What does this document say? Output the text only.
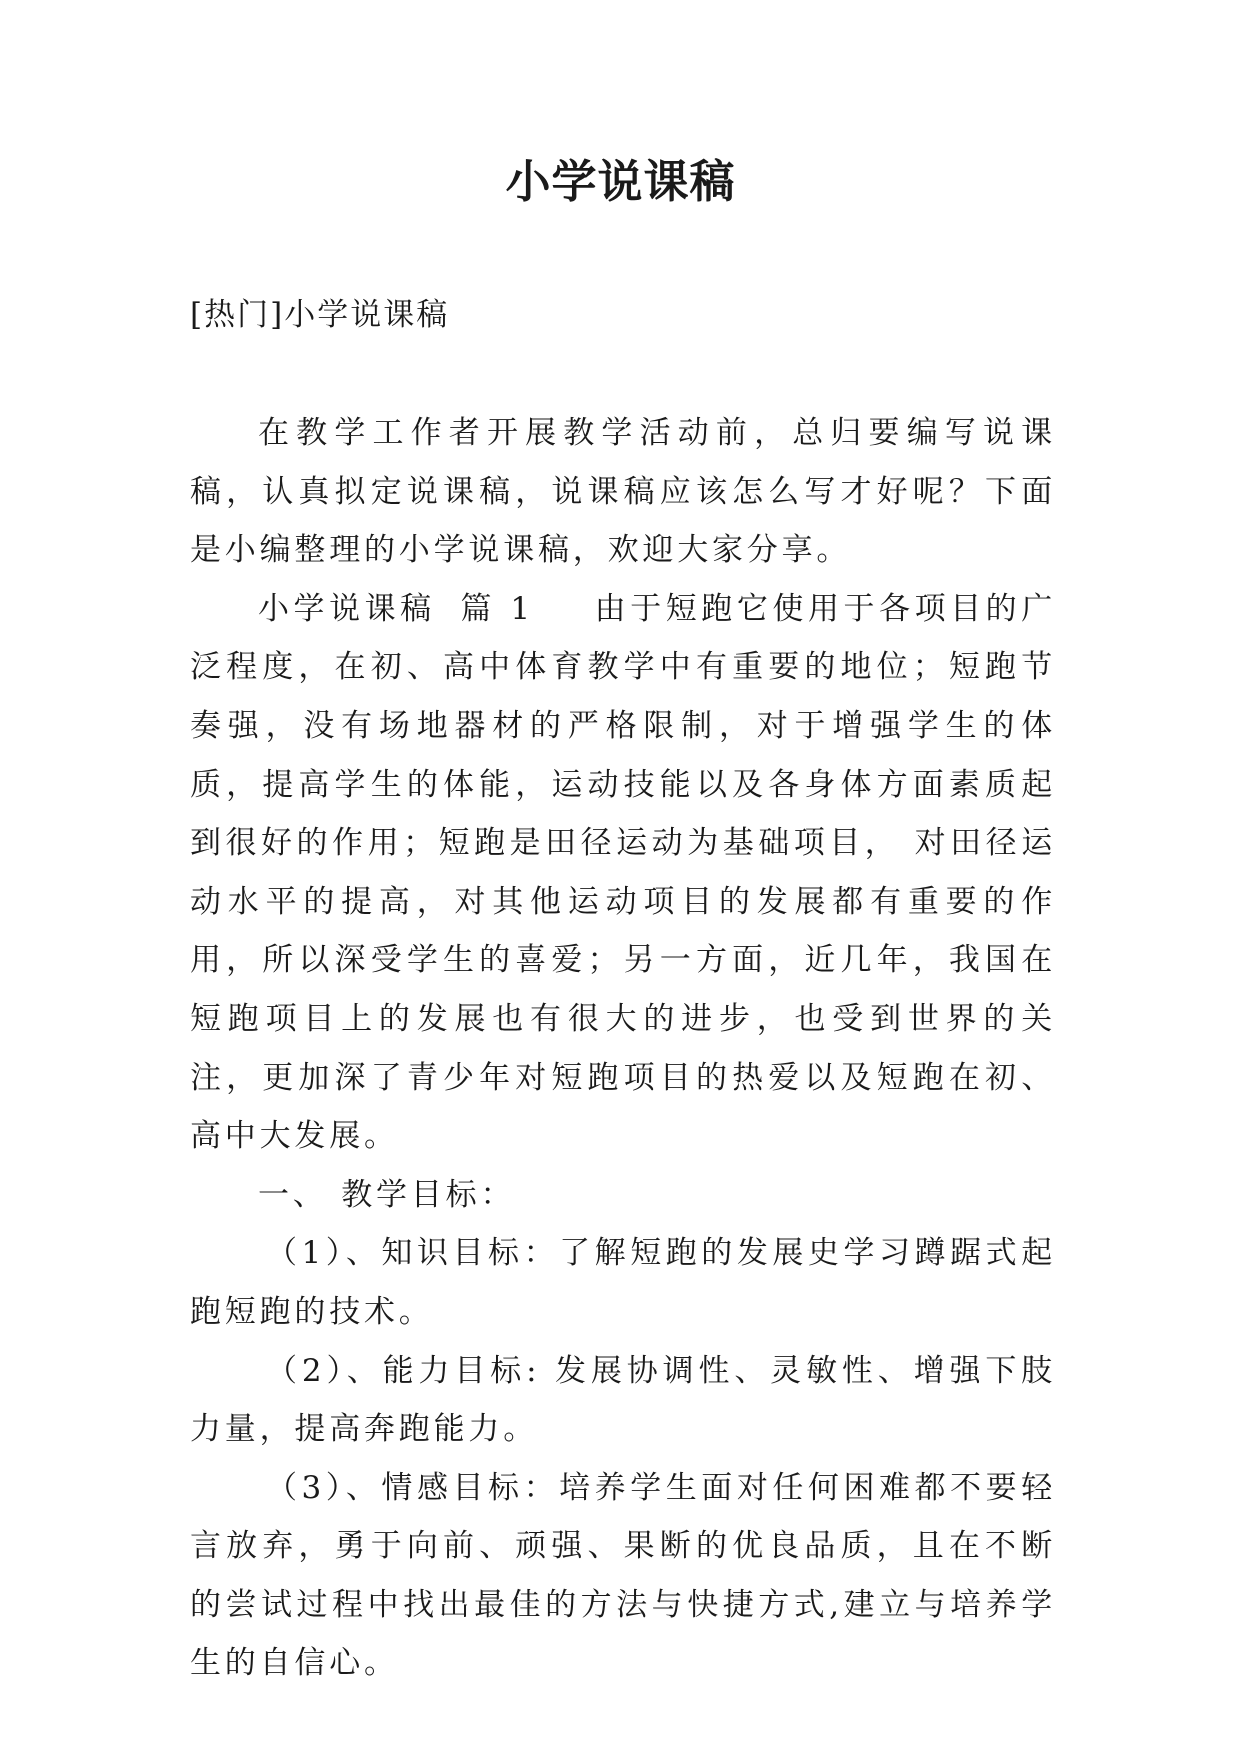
小学说课稿

[热门]小学说课稿

在教学工作者开展教学活动前，总归要编写说课稿，认真拟定说课稿，说课稿应该怎么写才好呢？下面是小编整理的小学说课稿，欢迎大家分享。

小学说课稿 篇 1 由于短跑它使用于各项目的广泛程度，在初、高中体育教学中有重要的地位；短跑节奏强，没有场地器材的严格限制，对于增强学生的体质，提高学生的体能，运动技能以及各身体方面素质起到很好的作用；短跑是田径运动为基础项目， 对田径运动水平的提高，对其他运动项目的发展都有重要的作用，所以深受学生的喜爱；另一方面，近几年，我国在短跑项目上的发展也有很大的进步，也受到世界的关注，更加深了青少年对短跑项目的热爱以及短跑在初、高中大发展。

一、 教学目标：

（1）、知识目标：了解短跑的发展史学习蹲踞式起跑短跑的技术。

（2）、能力目标: 发展协调性、灵敏性、增强下肢力量，提高奔跑能力。

（3）、情感目标：培养学生面对任何困难都不要轻言放弃，勇于向前、顽强、果断的优良品质，且在不断的尝试过程中找出最佳的方法与快捷方式,建立与培养学生的自信心。
